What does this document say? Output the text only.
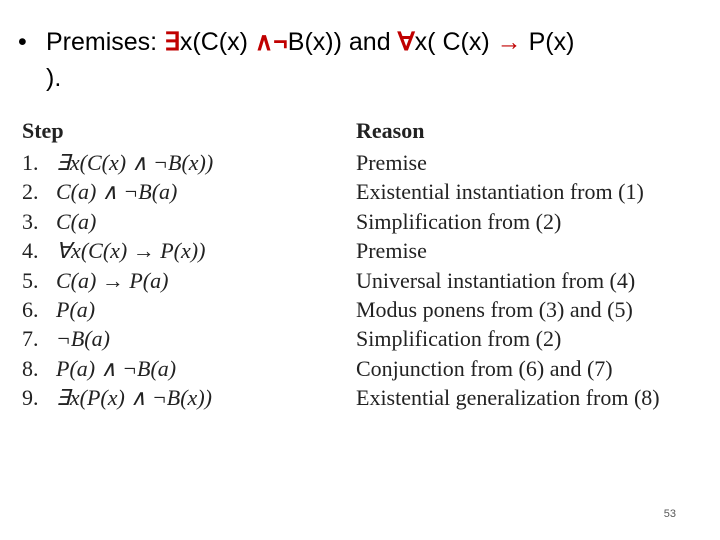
• Premises: ∃x(C(x) ∧¬B(x)) and ∀x( C(x) → P(x)
).
Step	Reason
1. ∃x(C(x) ∧ ¬B(x))	Premise
2. C(a) ∧ ¬B(a)	Existential instantiation from (1)
3. C(a)	Simplification from (2)
4. ∀x(C(x) → P(x))	Premise
5. C(a) → P(a)	Universal instantiation from (4)
6. P(a)	Modus ponens from (3) and (5)
7. ¬B(a)	Simplification from (2)
8. P(a) ∧ ¬B(a)	Conjunction from (6) and (7)
9. ∃x(P(x) ∧ ¬B(x))	Existential generalization from (8)
53
